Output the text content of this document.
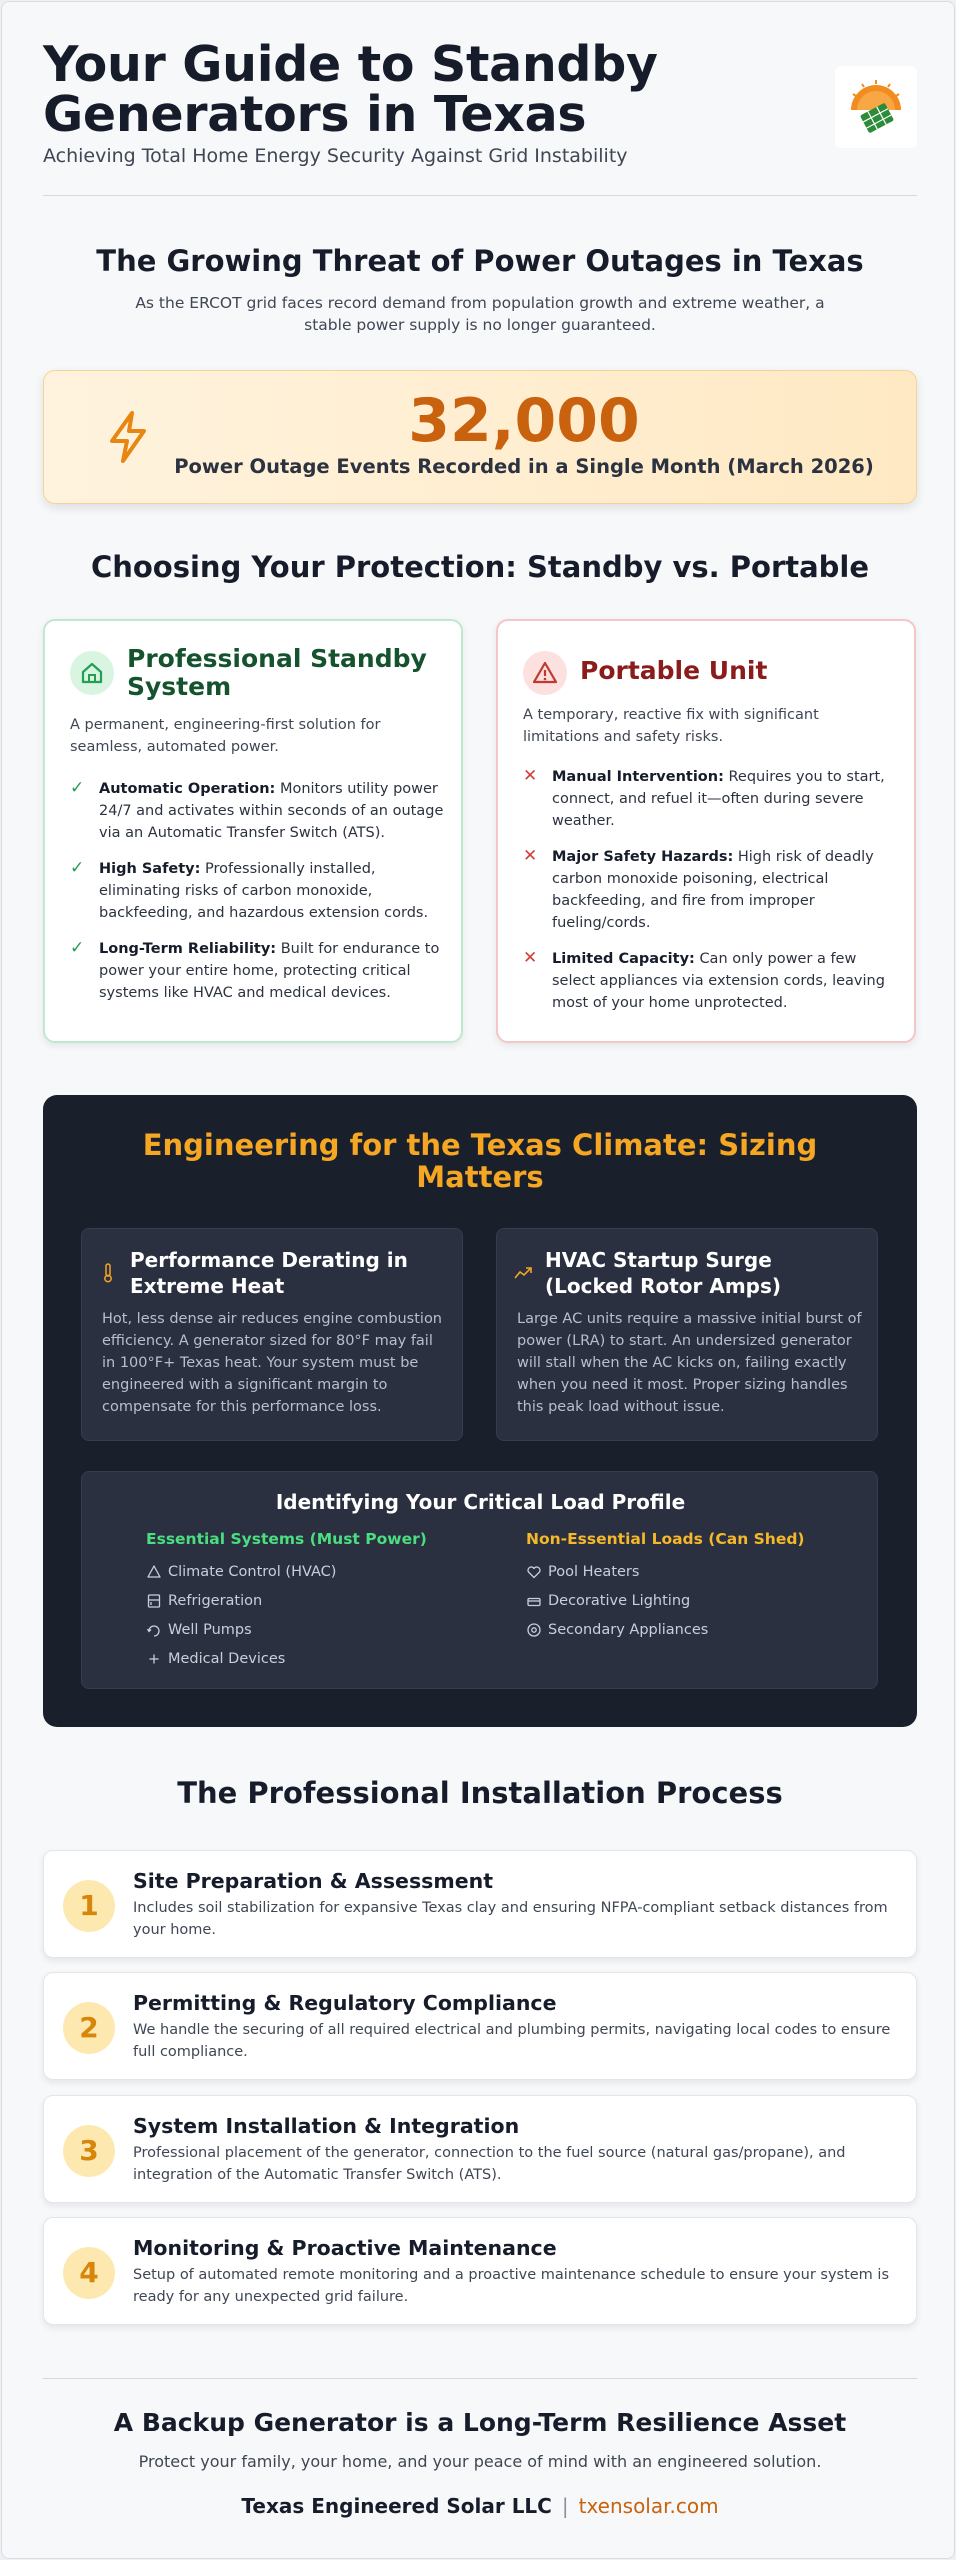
Your Guide to Standby Generators in Texas
Achieving Total Home Energy Security Against Grid Instability
The Growing Threat of Power Outages in Texas

As the ERCOT grid faces record demand from population growth and extreme weather, a stable power supply is no longer guaranteed.

32,000
Power Outage Events Recorded in a Single Month (March 2026)
Choosing Your Protection: Standby vs. Portable
Professional Standby System

A permanent, engineering-first solution for seamless, automated power.

✓ Automatic Operation: Monitors utility power 24/7 and activates within seconds of an outage via an Automatic Transfer Switch (ATS).

✓ High Safety: Professionally installed, eliminating risks of carbon monoxide, backfeeding, and hazardous extension cords.

✓ Long-Term Reliability: Built for endurance to power your entire home, protecting critical systems like HVAC and medical devices.

Portable Unit

A temporary, reactive fix with significant limitations and safety risks.

✕ Manual Intervention: Requires you to start, connect, and refuel it—often during severe weather.

✕ Major Safety Hazards: High risk of deadly carbon monoxide poisoning, electrical backfeeding, and fire from improper fueling/cords.

✕ Limited Capacity: Can only power a few select appliances via extension cords, leaving most of your home unprotected.

Engineering for the Texas Climate: Sizing Matters
Performance Derating in Extreme Heat

Hot, less dense air reduces engine combustion efficiency. A generator sized for 80°F may fail in 100°F+ Texas heat. Your system must be engineered with a significant margin to compensate for this performance loss.

HVAC Startup Surge (Locked Rotor Amps)

Large AC units require a massive initial burst of power (LRA) to start. An undersized generator will stall when the AC kicks on, failing exactly when you need it most. Proper sizing handles this peak load without issue.

Identifying Your Critical Load Profile
Essential Systems (Must Power)	Non-Essential Loads (Can Shed)
Climate Control (HVAC)
Refrigeration
Well Pumps
Medical Devices
Pool Heaters
Decorative Lighting
Secondary Appliances
The Professional Installation Process
1
Site Preparation & Assessment

Includes soil stabilization for expansive Texas clay and ensuring NFPA-compliant setback distances from your home.

2
Permitting & Regulatory Compliance

We handle the securing of all required electrical and plumbing permits, navigating local codes to ensure full compliance.

3
System Installation & Integration

Professional placement of the generator, connection to the fuel source (natural gas/propane), and integration of the Automatic Transfer Switch (ATS).

4
Monitoring & Proactive Maintenance

Setup of automated remote monitoring and a proactive maintenance schedule to ensure your system is ready for any unexpected grid failure.

A Backup Generator is a Long-Term Resilience Asset

Protect your family, your home, and your peace of mind with an engineered solution.

Texas Engineered Solar LLC | txensolar.com
